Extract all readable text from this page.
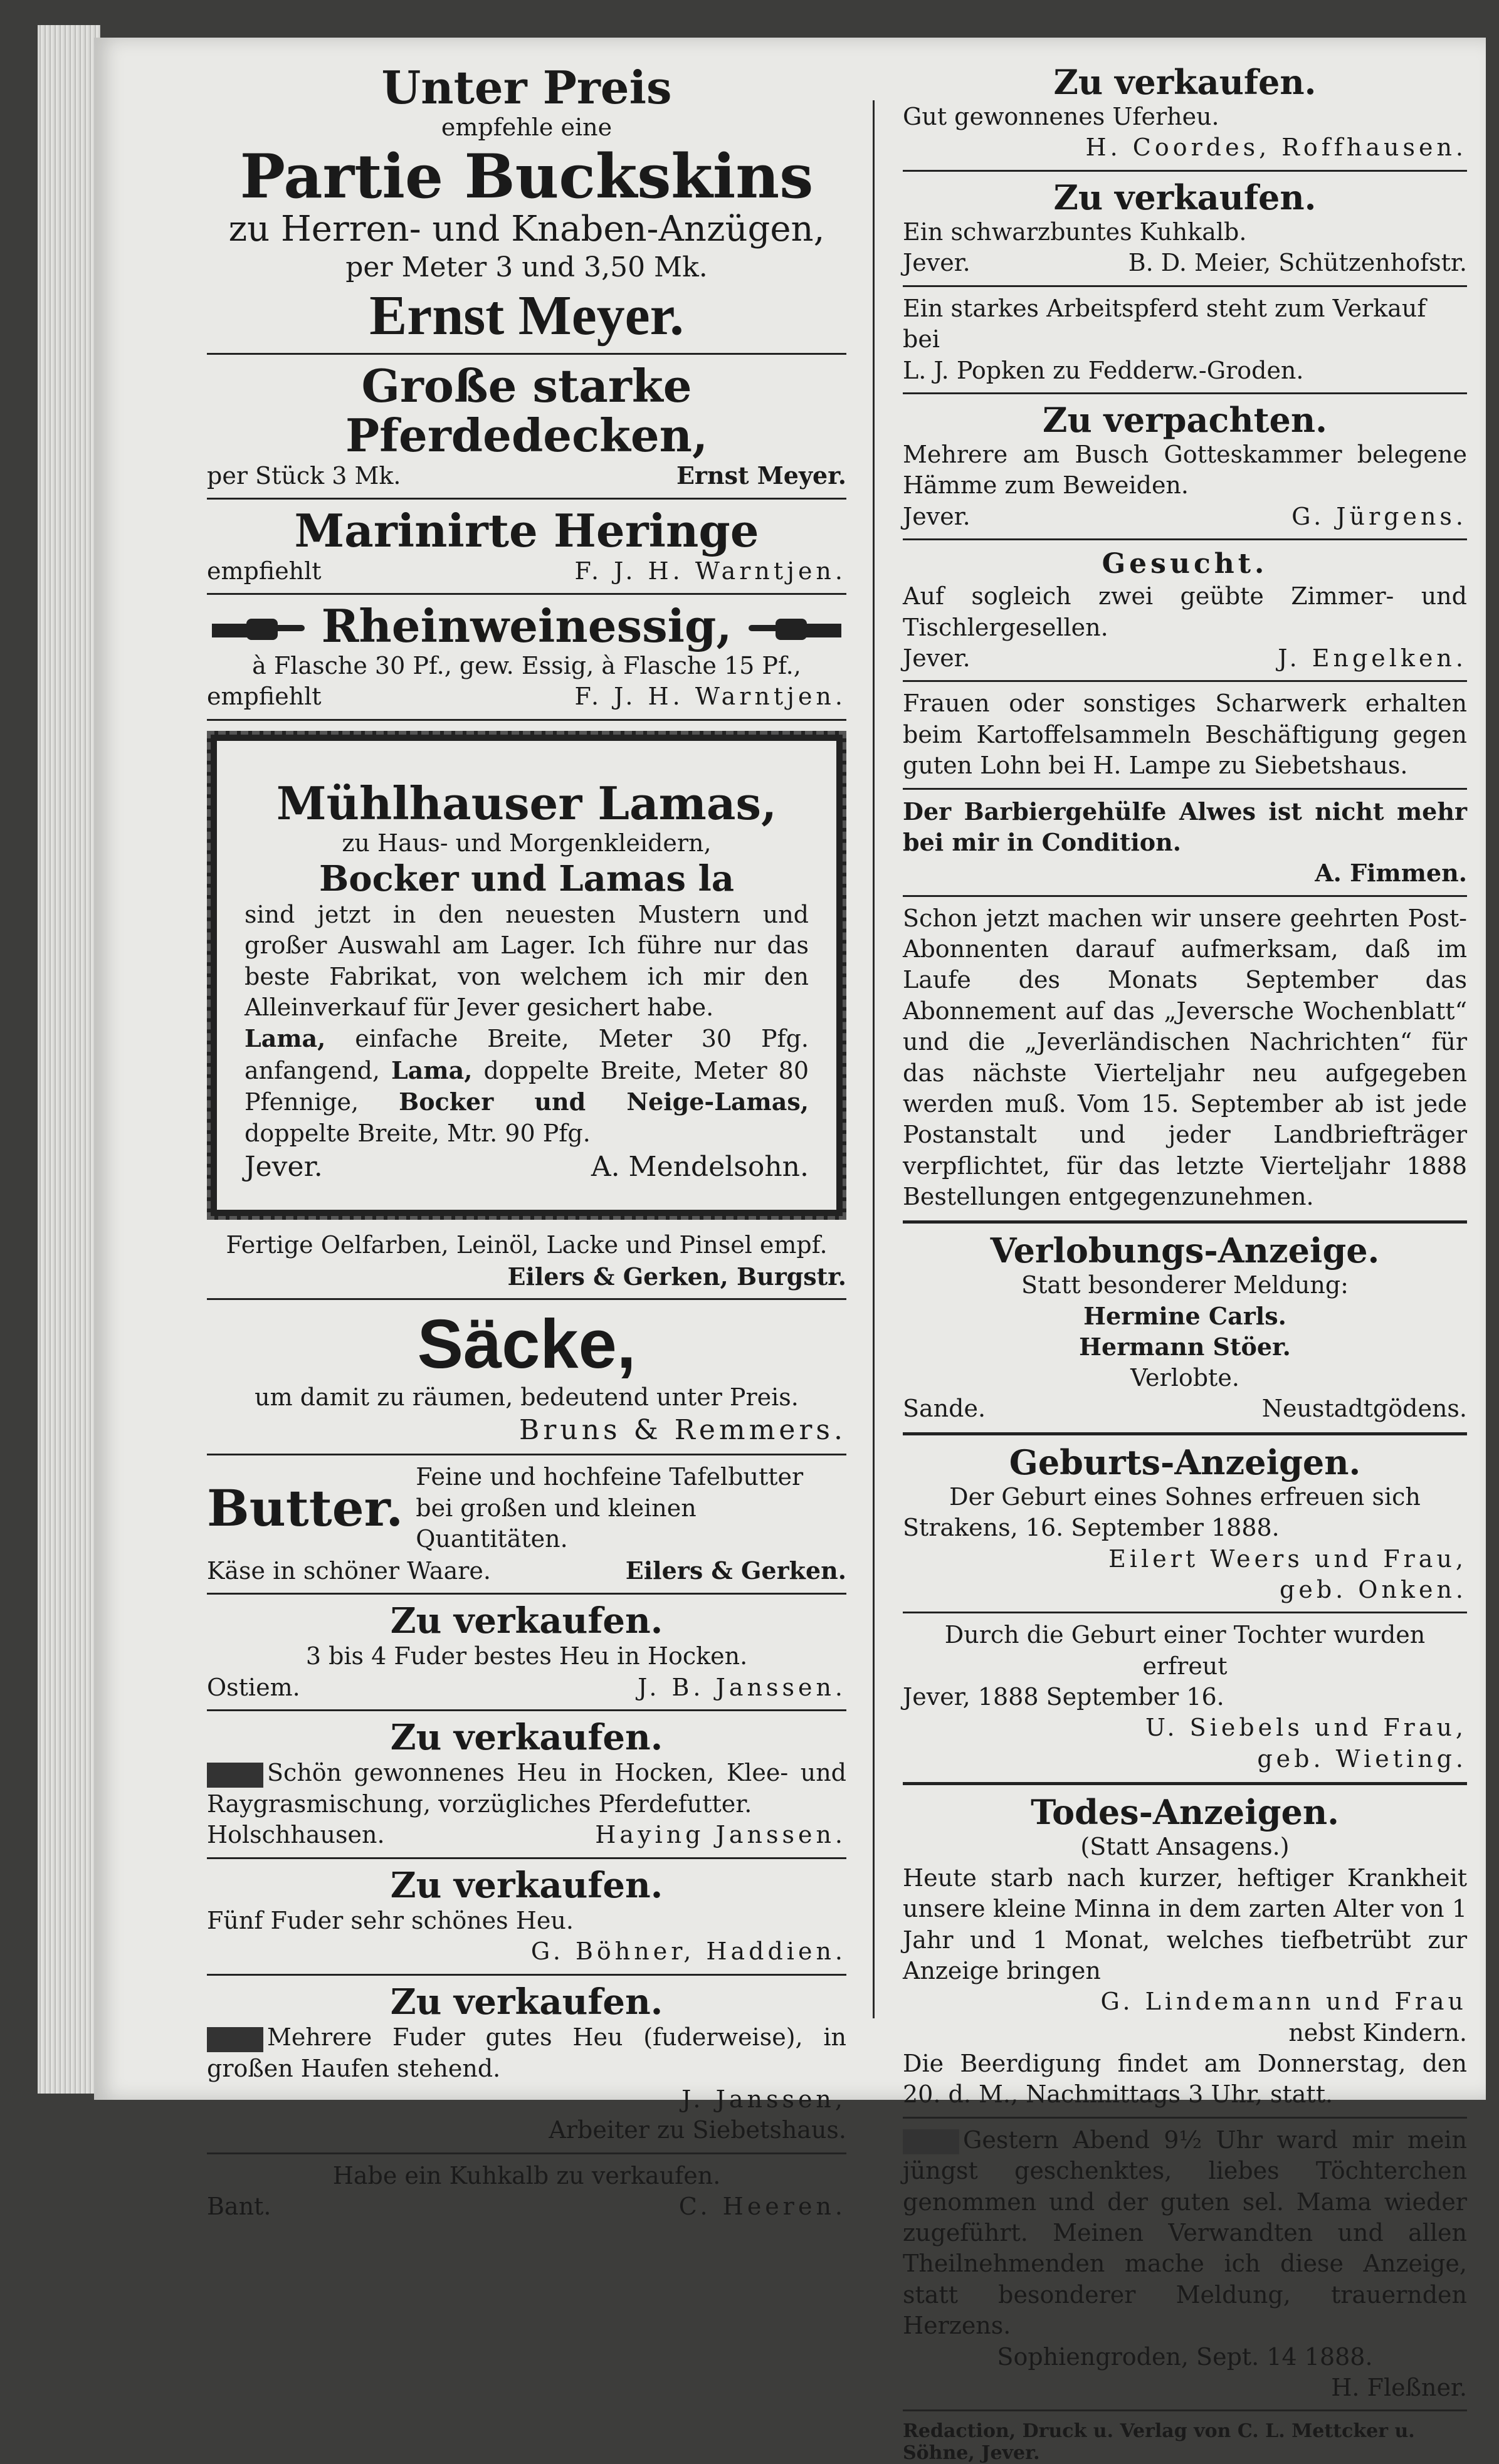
Unter Preis
empfehle eine
Partie Buckskins
zu Herren- und Knaben-Anzügen,
per Meter 3 und 3,50 Mk.
Ernst Meyer.
Große starke Pferdedecken,
per Stück 3 Mk.	Ernst Meyer.
Marinirte Heringe
empfiehlt	F. J. H. Warntjen.
Rheinweinessig,
à Flasche 30 Pf., gew. Essig, à Flasche 15 Pf.,
empfiehlt	F. J. H. Warntjen.
Mühlhauser Lamas,
zu Haus- und Morgenkleidern,
Bocker und Lamas la
sind jetzt in den neuesten Mustern und großer Auswahl am Lager. Ich führe nur das beste Fabrikat, von welchem ich mir den Alleinverkauf für Jever gesichert habe.
Lama, einfache Breite, Meter 30 Pfg. anfangend, Lama, doppelte Breite, Meter 80 Pfennige, Bocker und Neige-Lamas, doppelte Breite, Mtr. 90 Pfg.
Jever.	A. Mendelsohn.
Fertige Oelfarben, Leinöl, Lacke und Pinsel empf.
Eilers & Gerken, Burgstr.
Säcke,
um damit zu räumen, bedeutend unter Preis.
Bruns & Remmers.
Butter.
Feine und hochfeine Tafelbutter
bei großen und kleinen Quantitäten.
Käse in schöner Waare.	Eilers & Gerken.
Zu verkaufen.
3 bis 4 Fuder bestes Heu in Hocken.
Ostiem.	J. B. Janssen.
Zu verkaufen.
Schön gewonnenes Heu in Hocken, Klee- und Raygrasmischung, vorzügliches Pferdefutter.
Holschhausen.	Haying Janssen.
Zu verkaufen.
Fünf Fuder sehr schönes Heu.
G. Böhner, Haddien.
Zu verkaufen.
Mehrere Fuder gutes Heu (fuderweise), in großen Haufen stehend.
J. Janssen,
Arbeiter zu Siebetshaus.
Habe ein Kuhkalb zu verkaufen.
Bant.	C. Heeren.
Zu verkaufen.
Gut gewonnenes Uferheu.
H. Coordes, Roffhausen.
Zu verkaufen.
Ein schwarzbuntes Kuhkalb.
Jever.	B. D. Meier, Schützenhofstr.
Ein starkes Arbeitspferd steht zum Verkauf bei
L. J. Popken zu Fedderw.-Groden.
Zu verpachten.
Mehrere am Busch Gotteskammer belegene Hämme zum Beweiden.
Jever.	G. Jürgens.
Gesucht.
Auf sogleich zwei geübte Zimmer- und Tischlergesellen.
Jever.	J. Engelken.
Frauen oder sonstiges Scharwerk erhalten beim Kartoffelsammeln Beschäftigung gegen guten Lohn bei H. Lampe zu Siebetshaus.
Der Barbiergehülfe Alwes ist nicht mehr bei mir in Condition.
A. Fimmen.
Schon jetzt machen wir unsere geehrten Post-Abonnenten darauf aufmerksam, daß im Laufe des Monats September das Abonnement auf das „Jeversche Wochenblatt“ und die „Jeverländischen Nachrichten“ für das nächste Vierteljahr neu aufgegeben werden muß. Vom 15. September ab ist jede Postanstalt und jeder Landbriefträger verpflichtet, für das letzte Vierteljahr 1888 Bestellungen entgegenzunehmen.
Verlobungs-Anzeige.
Statt besonderer Meldung:
Hermine Carls.
Hermann Stöer.
Verlobte.
Sande.	Neustadtgödens.
Geburts-Anzeigen.
Der Geburt eines Sohnes erfreuen sich
Strakens, 16. September 1888.
Eilert Weers und Frau,
geb. Onken.
Durch die Geburt einer Tochter wurden erfreut
Jever, 1888 September 16.
U. Siebels und Frau,
geb. Wieting.
Todes-Anzeigen.
(Statt Ansagens.)
Heute starb nach kurzer, heftiger Krankheit unsere kleine Minna in dem zarten Alter von 1 Jahr und 1 Monat, welches tiefbetrübt zur Anzeige bringen
G. Lindemann und Frau
nebst Kindern.
Die Beerdigung findet am Donnerstag, den 20. d. M., Nachmittags 3 Uhr, statt.
Gestern Abend 9½ Uhr ward mir mein jüngst geschenktes, liebes Töchterchen genommen und der guten sel. Mama wieder zugeführt. Meinen Verwandten und allen Theilnehmenden mache ich diese Anzeige, statt besonderer Meldung, trauernden Herzens.
Sophiengroden, Sept. 14 1888.
H. Fleßner.
Redaction, Druck u. Verlag von C. L. Mettcker u. Söhne, Jever.
